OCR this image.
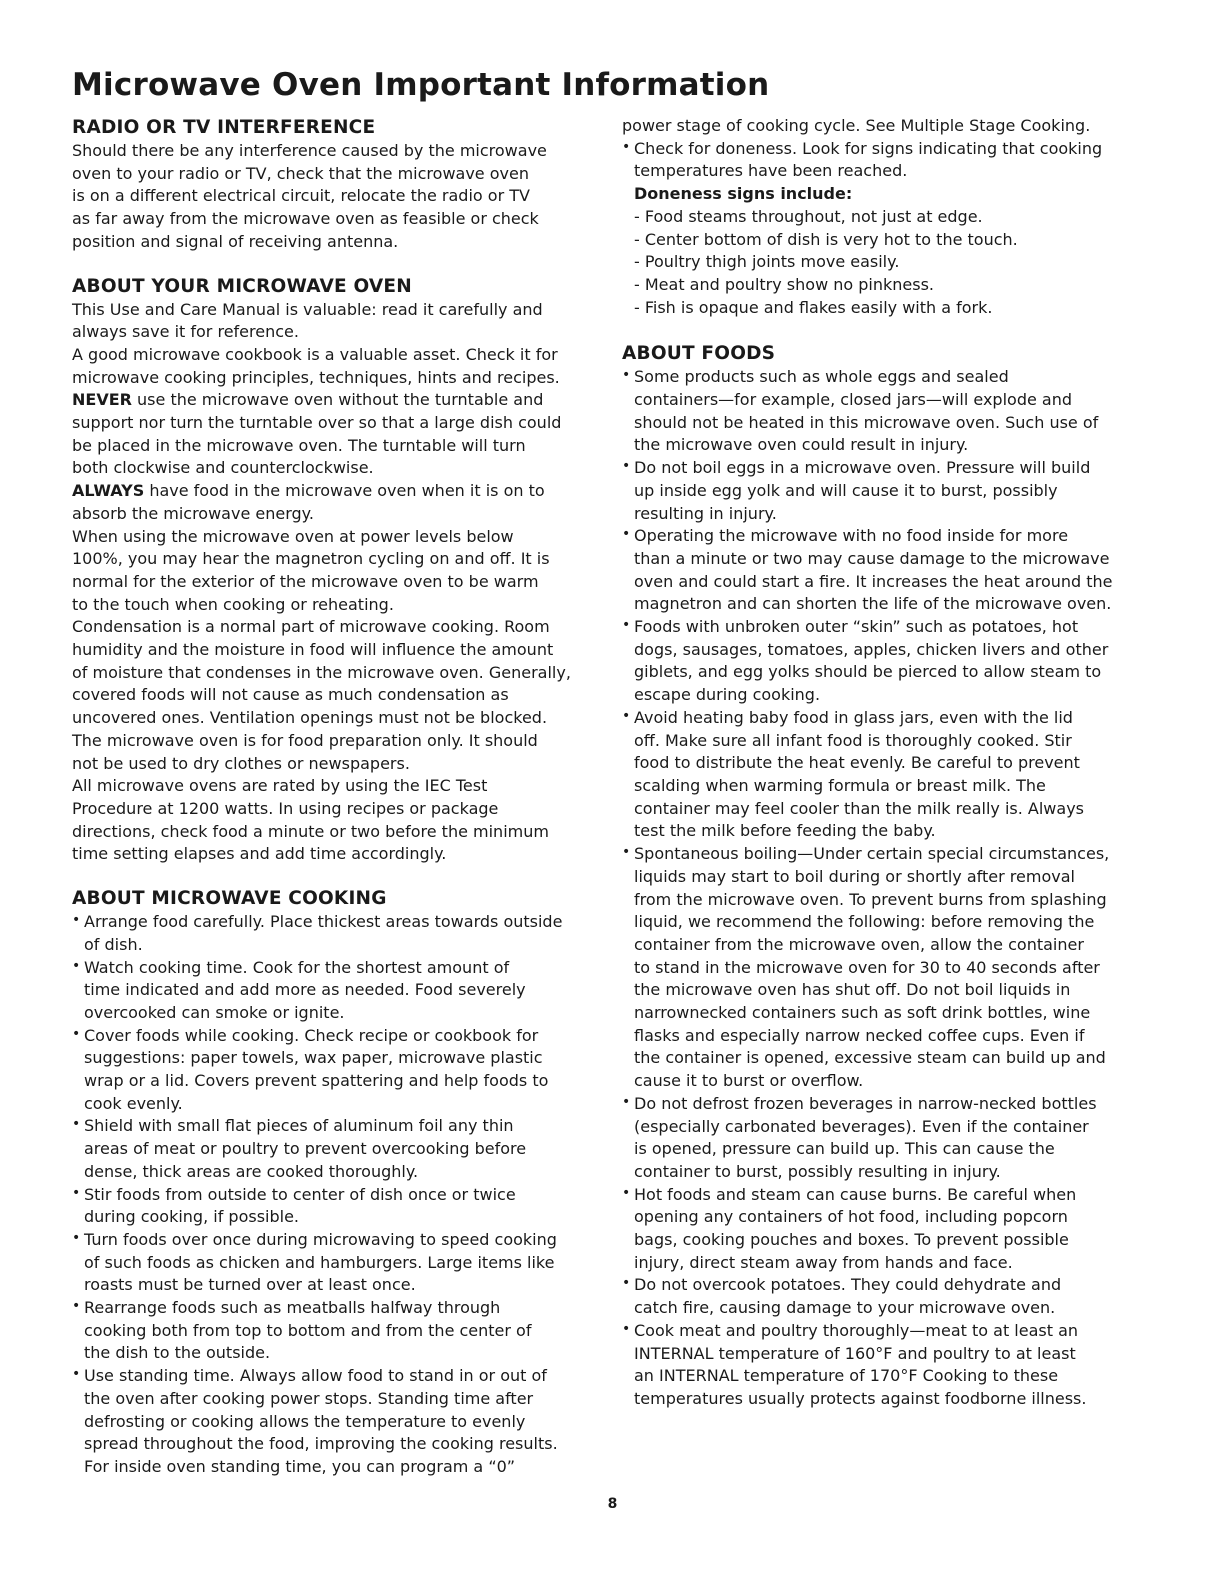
Microwave Oven Important Information
RADIO OR TV INTERFERENCE
Should there be any interference caused by the microwave
oven to your radio or TV, check that the microwave oven
is on a different electrical circuit, relocate the radio or TV
as far away from the microwave oven as feasible or check
position and signal of receiving antenna.
ABOUT YOUR MICROWAVE OVEN
This Use and Care Manual is valuable: read it carefully and
always save it for reference.
A good microwave cookbook is a valuable asset. Check it for
microwave cooking principles, techniques, hints and recipes.
NEVER use the microwave oven without the turntable and
support nor turn the turntable over so that a large dish could
be placed in the microwave oven. The turntable will turn
both clockwise and counterclockwise.
ALWAYS have food in the microwave oven when it is on to
absorb the microwave energy.
When using the microwave oven at power levels below
100%, you may hear the magnetron cycling on and off. It is
normal for the exterior of the microwave oven to be warm
to the touch when cooking or reheating.
Condensation is a normal part of microwave cooking. Room
humidity and the moisture in food will influence the amount
of moisture that condenses in the microwave oven. Generally,
covered foods will not cause as much condensation as
uncovered ones. Ventilation openings must not be blocked.
The microwave oven is for food preparation only. It should
not be used to dry clothes or newspapers.
All microwave ovens are rated by using the IEC Test
Procedure at 1200 watts. In using recipes or package
directions, check food a minute or two before the minimum
time setting elapses and add time accordingly.
ABOUT MICROWAVE COOKING
• Arrange food carefully. Place thickest areas towards outside
of dish.
• Watch cooking time. Cook for the shortest amount of
time indicated and add more as needed. Food severely
overcooked can smoke or ignite.
• Cover foods while cooking. Check recipe or cookbook for
suggestions: paper towels, wax paper, microwave plastic
wrap or a lid. Covers prevent spattering and help foods to
cook evenly.
• Shield with small flat pieces of aluminum foil any thin
areas of meat or poultry to prevent overcooking before
dense, thick areas are cooked thoroughly.
• Stir foods from outside to center of dish once or twice
during cooking, if possible.
• Turn foods over once during microwaving to speed cooking
of such foods as chicken and hamburgers. Large items like
roasts must be turned over at least once.
• Rearrange foods such as meatballs halfway through
cooking both from top to bottom and from the center of
the dish to the outside.
• Use standing time. Always allow food to stand in or out of
the oven after cooking power stops. Standing time after
defrosting or cooking allows the temperature to evenly
spread throughout the food, improving the cooking results.
For inside oven standing time, you can program a “0”
power stage of cooking cycle. See Multiple Stage Cooking.
• Check for doneness. Look for signs indicating that cooking
temperatures have been reached.
Doneness signs include:
- Food steams throughout, not just at edge.
- Center bottom of dish is very hot to the touch.
- Poultry thigh joints move easily.
- Meat and poultry show no pinkness.
- Fish is opaque and flakes easily with a fork.
ABOUT FOODS
• Some products such as whole eggs and sealed
containers—for example, closed jars—will explode and
should not be heated in this microwave oven. Such use of
the microwave oven could result in injury.
• Do not boil eggs in a microwave oven. Pressure will build
up inside egg yolk and will cause it to burst, possibly
resulting in injury.
• Operating the microwave with no food inside for more
than a minute or two may cause damage to the microwave
oven and could start a fire. It increases the heat around the
magnetron and can shorten the life of the microwave oven.
• Foods with unbroken outer “skin” such as potatoes, hot
dogs, sausages, tomatoes, apples, chicken livers and other
giblets, and egg yolks should be pierced to allow steam to
escape during cooking.
• Avoid heating baby food in glass jars, even with the lid
off. Make sure all infant food is thoroughly cooked. Stir
food to distribute the heat evenly. Be careful to prevent
scalding when warming formula or breast milk. The
container may feel cooler than the milk really is. Always
test the milk before feeding the baby.
• Spontaneous boiling—Under certain special circumstances,
liquids may start to boil during or shortly after removal
from the microwave oven. To prevent burns from splashing
liquid, we recommend the following: before removing the
container from the microwave oven, allow the container
to stand in the microwave oven for 30 to 40 seconds after
the microwave oven has shut off. Do not boil liquids in
narrownecked containers such as soft drink bottles, wine
flasks and especially narrow necked coffee cups. Even if
the container is opened, excessive steam can build up and
cause it to burst or overflow.
• Do not defrost frozen beverages in narrow-necked bottles
(especially carbonated beverages). Even if the container
is opened, pressure can build up. This can cause the
container to burst, possibly resulting in injury.
• Hot foods and steam can cause burns. Be careful when
opening any containers of hot food, including popcorn
bags, cooking pouches and boxes. To prevent possible
injury, direct steam away from hands and face.
• Do not overcook potatoes. They could dehydrate and
catch fire, causing damage to your microwave oven.
• Cook meat and poultry thoroughly—meat to at least an
INTERNAL temperature of 160°F and poultry to at least
an INTERNAL temperature of 170°F Cooking to these
temperatures usually protects against foodborne illness.
8
